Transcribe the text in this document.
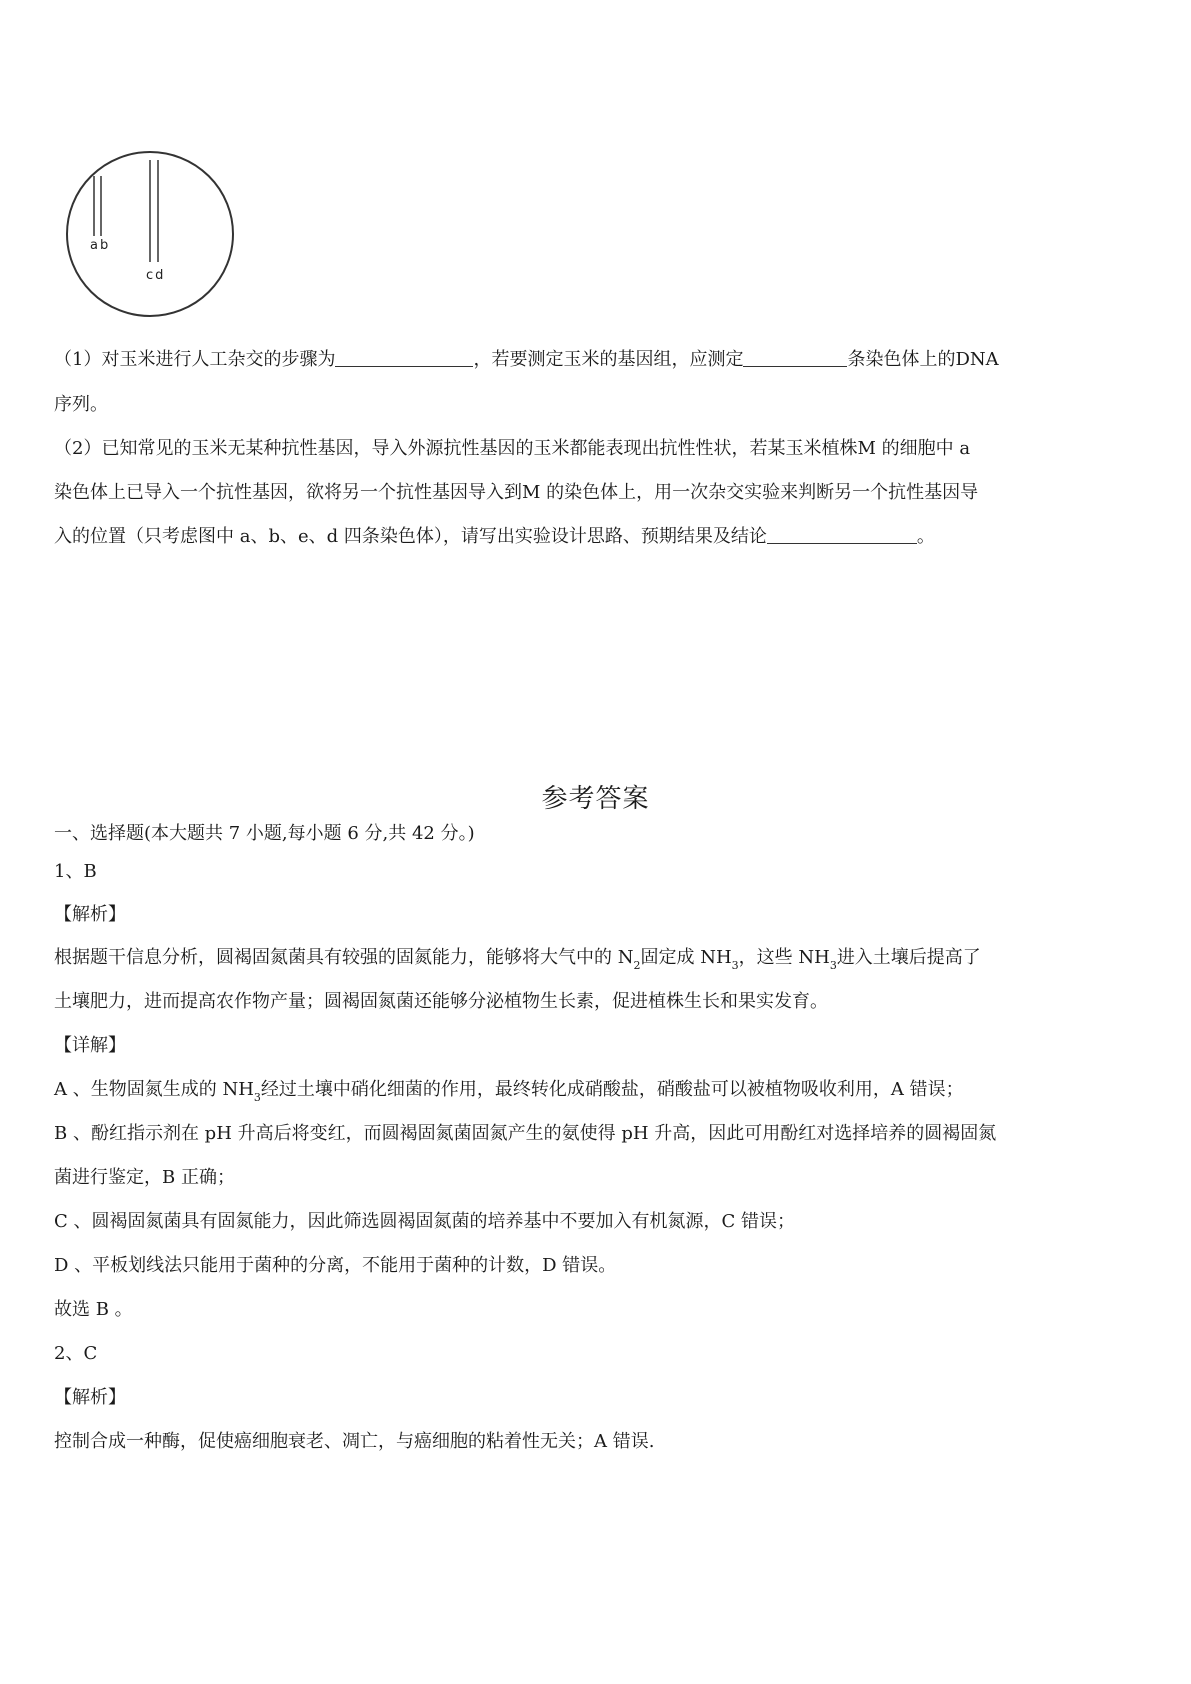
ab
cd
（1）对玉米进行人工杂交的步骤为	，若要测定玉米的基因组，应测定	条染色体上的DNA
序列。
（2）已知常见的玉米无某种抗性基因，导入外源抗性基因的玉米都能表现出抗性性状，若某玉米植株M 的细胞中 a
染色体上已导入一个抗性基因，欲将另一个抗性基因导入到M 的染色体上，用一次杂交实验来判断另一个抗性基因导
入的位置（只考虑图中 a、b、e、d 四条染色体），请写出实验设计思路、预期结果及结论	。
参考答案
一、选择题(本大题共 7 小题,每小题 6 分,共 42 分。)
1、B
【解析】
根据题干信息分析，圆褐固氮菌具有较强的固氮能力，能够将大气中的 $N_2$固定成 $NH_3$，这些 $NH_3$进入土壤后提高了
土壤肥力，进而提高农作物产量；圆褐固氮菌还能够分泌植物生长素，促进植株生长和果实发育。
【详解】
A 、生物固氮生成的 $NH_3$经过土壤中硝化细菌的作用，最终转化成硝酸盐，硝酸盐可以被植物吸收利用，A 错误；
B 、酚红指示剂在 pH 升高后将变红，而圆褐固氮菌固氮产生的氨使得 pH 升高，因此可用酚红对选择培养的圆褐固氮
菌进行鉴定，B 正确；
C 、圆褐固氮菌具有固氮能力，因此筛选圆褐固氮菌的培养基中不要加入有机氮源，C 错误；
D 、平板划线法只能用于菌种的分离，不能用于菌种的计数，D 错误。
故选 B 。
2、C
【解析】
控制合成一种酶，促使癌细胞衰老、凋亡，与癌细胞的粘着性无关；A 错误.
